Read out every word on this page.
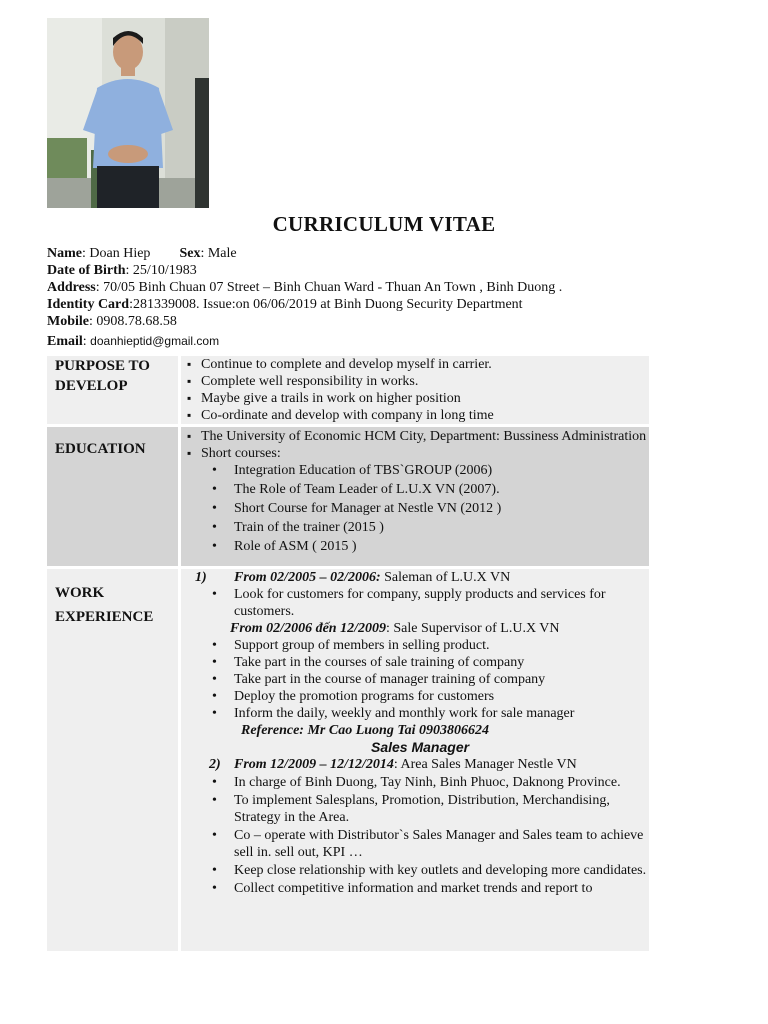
CURRICULUM VITAE
Name: Doan Hiep Sex: Male
Date of Birth: 25/10/1983
Address: 70/05 Binh Chuan 07 Street – Binh Chuan Ward - Thuan An Town , Binh Duong .
Identity Card:281339008. Issue:on 06/06/2019 at Binh Duong Security Department
Mobile: 0908.78.68.58
Email: doanhieptid@gmail.com
PURPOSE TO DEVELOP
▪ Continue to complete and develop myself in carrier.
▪ Complete well responsibility in works.
▪ Maybe give a trails in work on higher position
▪ Co-ordinate and develop with company in long time
EDUCATION
▪ The University of Economic HCM City, Department: Bussiness Administration
▪ Short courses:
• Integration Education of TBS`GROUP (2006)
• The Role of Team Leader of L.U.X VN (2007).
• Short Course for Manager at Nestle VN (2012 )
• Train of the trainer (2015 )
• Role of ASM ( 2015 )
WORK
EXPERIENCE
1) From 02/2005 – 02/2006: Saleman of L.U.X VN
• Look for customers for company, supply products and services for customers.
From 02/2006 đến 12/2009: Sale Supervisor of L.U.X VN
• Support group of members in selling product.
• Take part in the courses of sale training of company
• Take part in the course of manager training of company
• Deploy the promotion programs for customers
• Inform the daily, weekly and monthly work for sale manager
Reference: Mr Cao Luong Tai 0903806624
Sales Manager
2) From 12/2009 – 12/12/2014: Area Sales Manager Nestle VN
• In charge of Binh Duong, Tay Ninh, Binh Phuoc, Daknong Province.
• To implement Salesplans, Promotion, Distribution, Merchandising, Strategy in the Area.
• Co – operate with Distributor`s Sales Manager and Sales team to achieve sell in. sell out, KPI …
• Keep close relationship with key outlets and developing more candidates.
• Collect competitive information and market trends and report to
